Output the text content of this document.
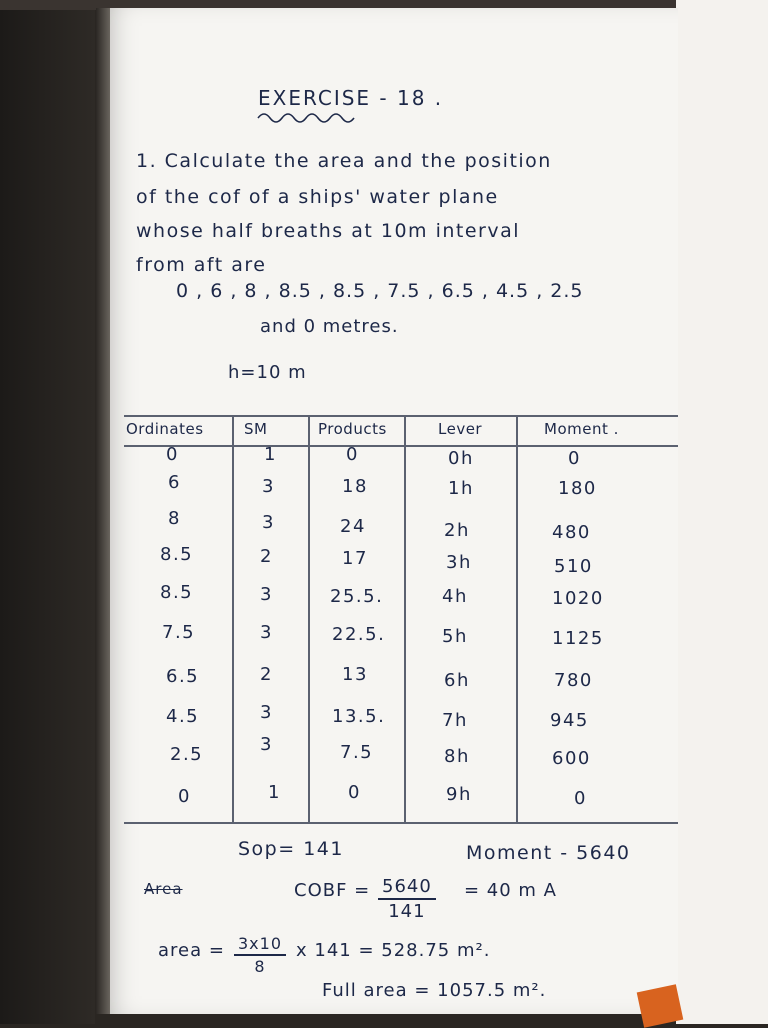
EXERCISE - 18 .
1. Calculate the area and the position
of the cof of a ships' water plane
whose half breaths at 10m interval
from aft are
0 , 6 , 8 , 8.5 , 8.5 , 7.5 , 6.5 , 4.5 , 2.5
and 0 metres.
h=10 m
Ordinates	SM	Products	Lever	Moment .
0	1	0	0h	0
6	3	18	1h	180
8	3	24	2h	480
8.5	2	17	3h	510
8.5	3	25.5.	4h	1020
7.5	3	22.5.	5h	1125
6.5	2	13	6h	780
4.5	3	13.5.	7h	945
2.5	3	7.5	8h	600
0	1	0	9h	0
Sop= 141	Moment - 5640
Area	COBF = $\frac{5640}{141} = 40$ m A
area = $\frac{3x10}{8}$ x 141 = 528.75 m².
Full area = 1057.5 m².
